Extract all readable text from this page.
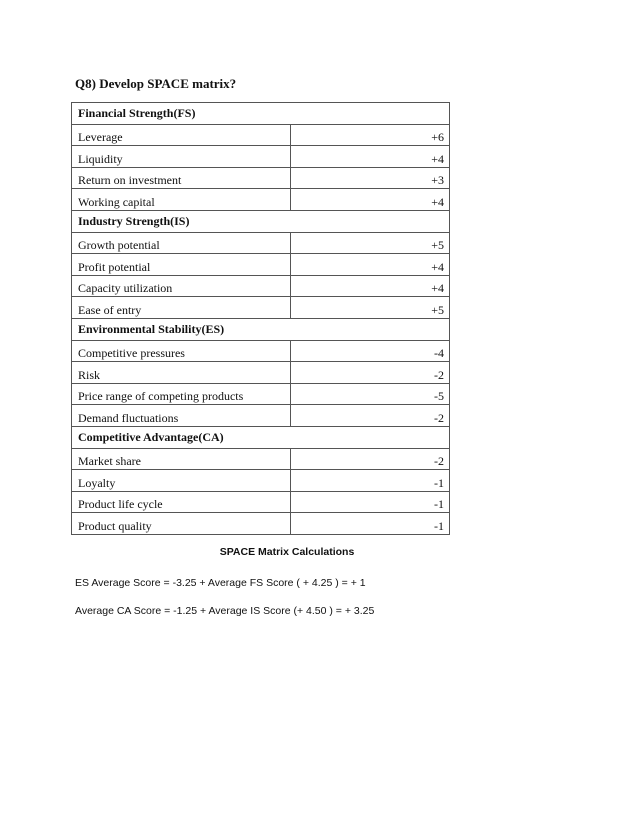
Q8) Develop SPACE matrix?
Financial Strength(FS)	
Leverage	+6
Liquidity	+4
Return on investment	+3
Working capital	+4
Industry Strength(IS)	
Growth potential	+5
Profit potential	+4
Capacity utilization	+4
Ease of entry	+5
Environmental Stability(ES)	
Competitive pressures	-4
Risk	-2
Price range of competing products	-5
Demand fluctuations	-2
Competitive Advantage(CA)	
Market share	-2
Loyalty	-1
Product life cycle	-1
Product quality	-1
SPACE Matrix Calculations
ES Average Score = -3.25 + Average FS Score ( + 4.25 ) = + 1
Average CA Score = -1.25 + Average IS Score (+ 4.50 ) = + 3.25
